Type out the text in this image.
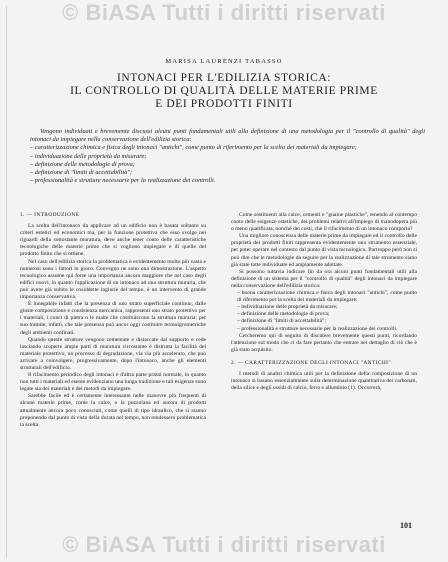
© BiASA Tutti i diritti riservati
MARISA LAURENZI TABASSO
INTONACI PER L'EDILIZIA STORICA:
IL CONTROLLO DI QUALITÀ DELLE MATERIE PRIME
E DEI PRODOTTI FINITI

Vengono individuati e brevemente discussi alcuni punti fondamentali utili alla definizione di una metodologia per il "controllo di qualità" degli intonaci da impiegare nella conservazione dell'edilizia storica:

– caratterizzazione chimica e fisica degli intonaci "antichi", come punto di riferimento per la scelta dei materiali da impiegare;
– individuazione delle proprietà da misurare;
– definizione delle metodologie di prova;
– definizione di "limiti di accettabilità";
– professionalità e strutture necessarie per la realizzazione dei controlli.

1. — INTRODUZIONE

La scelta dell'intonaco da applicare ad un edificio non è basata soltanto su criteri estetici ed economici ma, per la funzione protettiva che esso svolge nei riguardi della sottostante muratura, deve anche tener conto delle caratteristiche tecnologiche delle materie prime che si vogliono impiegare e di quelle del prodotto finito che si ottiene.

Nel caso dell'edilizia storica la problematica è evidentemente molto più vasta e numerosi sono i fattori in gioco. Convegno ne sono una dimostrazione. L'aspetto tecnologico assume qui forse una importanza ancora maggiore che nel caso degli edifici nuovi, in quanto l'applicazione di un intonaco ad una struttura muraria, che può avere già subito le cosiddette ingiurie del tempo, è un intervento di grande importanza conservativa.

È innegabile infatti che la presenza di uno strato superficiale continuo, dalle giuste composizione e consistenza meccanica, rappresenti uno strato protettivo per i materiali, i conci di pietra o le malte che costituiscono la struttura muraria: per suo tramite, infatti, che tale presenza può ancor oggi costituire termoigrometriche degli ambienti confinati.

Quando queste strutture vengono cementate e distaccate dal supporto e cede lasciando scoperte ampie parti di muratura circostante è distrutta la facilità del materiale protettivo, un processo di degradazione, via via più accelerato, che può arrivare a coinvolgere, progressivamente, dopo l'intonaco, anche gli elementi strutturali dell'edificio.

Il rifacimento periodico degli intonaci è d'altra parte prassi normale, in quanto non tutti i materiali ed esente evidenziano una lunga tradizione e tali esigenze sono legate sia dei materiali e dei metodi da impiegare.

Sarebbe facile ed è certamente interessante nelle manovre più frequenti di alcune materie prime, come la calce, o la pozzolana ed ancora di prodotti attualmente ancora poco conosciuti, come quelli di tipo idraulico, che si stanno proponendo dal punto di vista della durata nel tempo, non rendessero problematica la scelta.

Come sostituenti alla calce, cementi e "guaine plastiche", tenendo al contempo conto delle esigenze estetiche, dei problemi relativi all'impiego di manodopera più o meno qualificata, nonché dei costi, che il rifacimento di un intonaco comporta?

Una migliore conoscenza delle materie prime da impiegare ed il controllo delle proprietà dei prodotti finiti rappresenta evidentemente uno strumento essenziale, per poter operare nel contesto dal punto di vista tecnologico. Purtroppo però non si può dire che le metodologie da seguire per la realizzazione di tale strumento siano già state tutte individuate ed ampiamente adottate.

Si possono tuttavia indicare fin da ora alcuni punti fondamentali utili alla definizione di un sistema per il "controllo di qualità" degli intonaci da impiegare nella conservazione dell'edilizia storica:

– buona caratterizzazione chimica e fisica degli intonaci "antichi", come punto di riferimento per la scelta dei materiali da impiegare;

– individuazione delle proprietà da misurare;

– definizione delle metodologie di prova;

– definizione di "limiti di accettabilità";

– professionalità e strutture necessarie per la realizzazione dei controlli.

Cercheremo qui di seguito di discutere brevemente questi punti, ricordando l'attenzione sul modo che ci da fare pertanto che entrare nel dettaglio di ciò che è già stato acquisito.

2. — CARATTERIZZAZIONE DEGLI INTONACI "ANTICHI"

I metodi di analisi chimica utili per la definizione della composizione di un intonaco si basano essenzialmente sulla determinazione quantitativa dei carbonati, della silice e degli ossidi di calcio, ferro e alluminio (1). Occorrerà,

101
© BiASA Tutti i diritti riservati
